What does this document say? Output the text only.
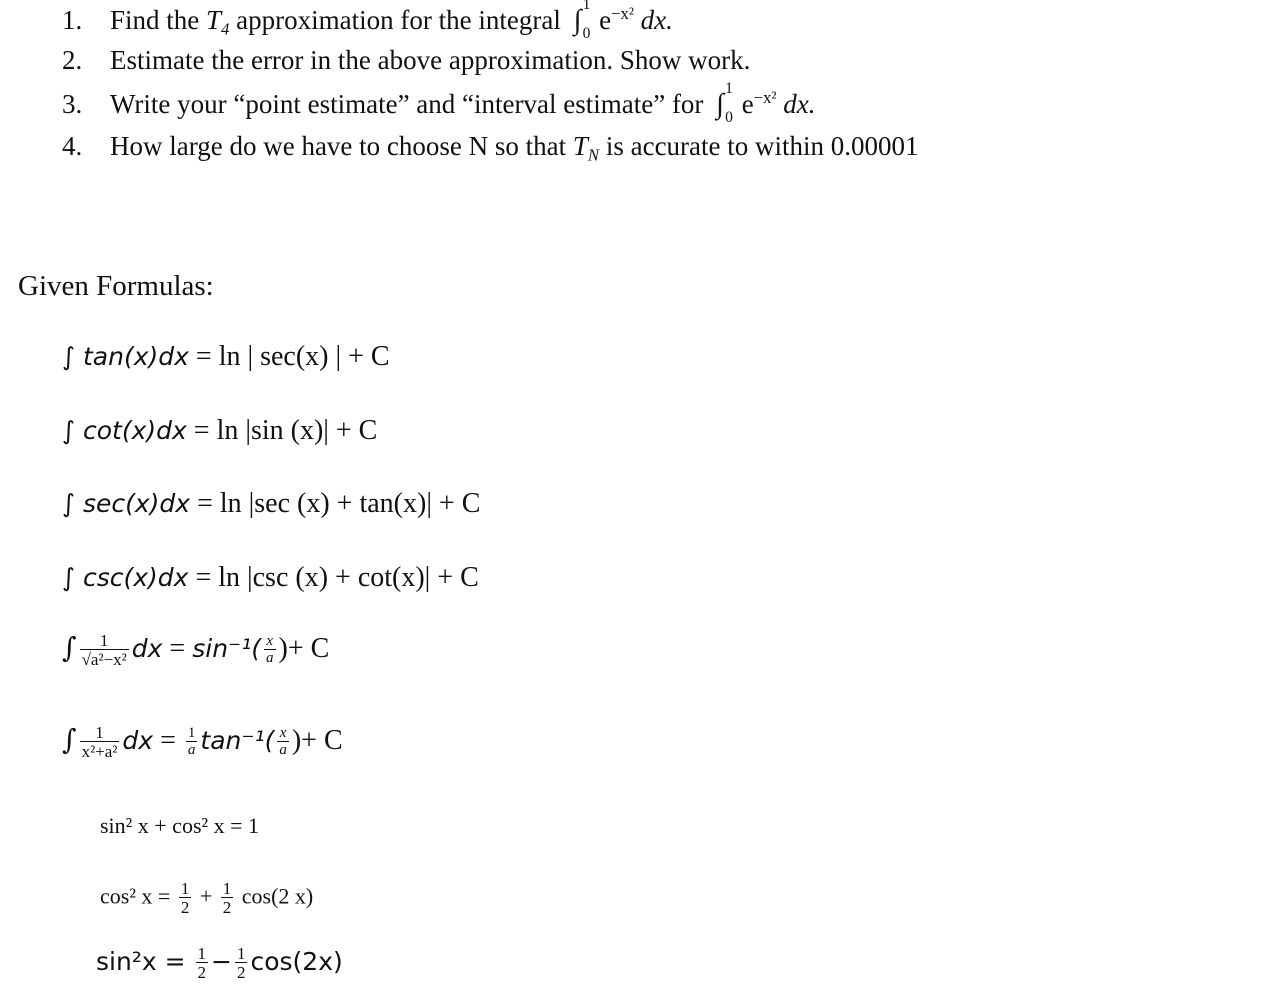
1. Find the $T_4$ approximation for the integral ∫
1
0 $e^{-x^2}$ dx.
2. Estimate the error in the above approximation. Show work.
3. Write your “point estimate” and “interval estimate” for ∫
1
0 $e^{-x^2}$ dx.
4. How large do we have to choose N so that $T_N$ is accurate to within 0.00001
Given Formulas:
∫ tan(x)dx = ln | sec(x) | + C
∫ cot(x)dx = ln |sin (x)| + C
∫ sec(x)dx = ln |sec (x) + tan(x)| + C
∫ csc(x)dx = ln |csc (x) + cot(x)| + C
∫ $\frac{1}{\text{√a²−x²}}$ dx = $\sin^{-1}( \frac{x}{a}$ )+ C
∫ $\frac{1}{\text{x²+a²}}$ dx = $\frac{1}{a} \tan^{-1}( \frac{x}{a}$ )+ C
sin² x + cos² x = 1
cos² $x = \frac{1}{2} + \frac{1}{2} \cos(2$ x)
$\sin^2x = \frac{1}{2} - \frac{1}{2} \cos(2x)$
